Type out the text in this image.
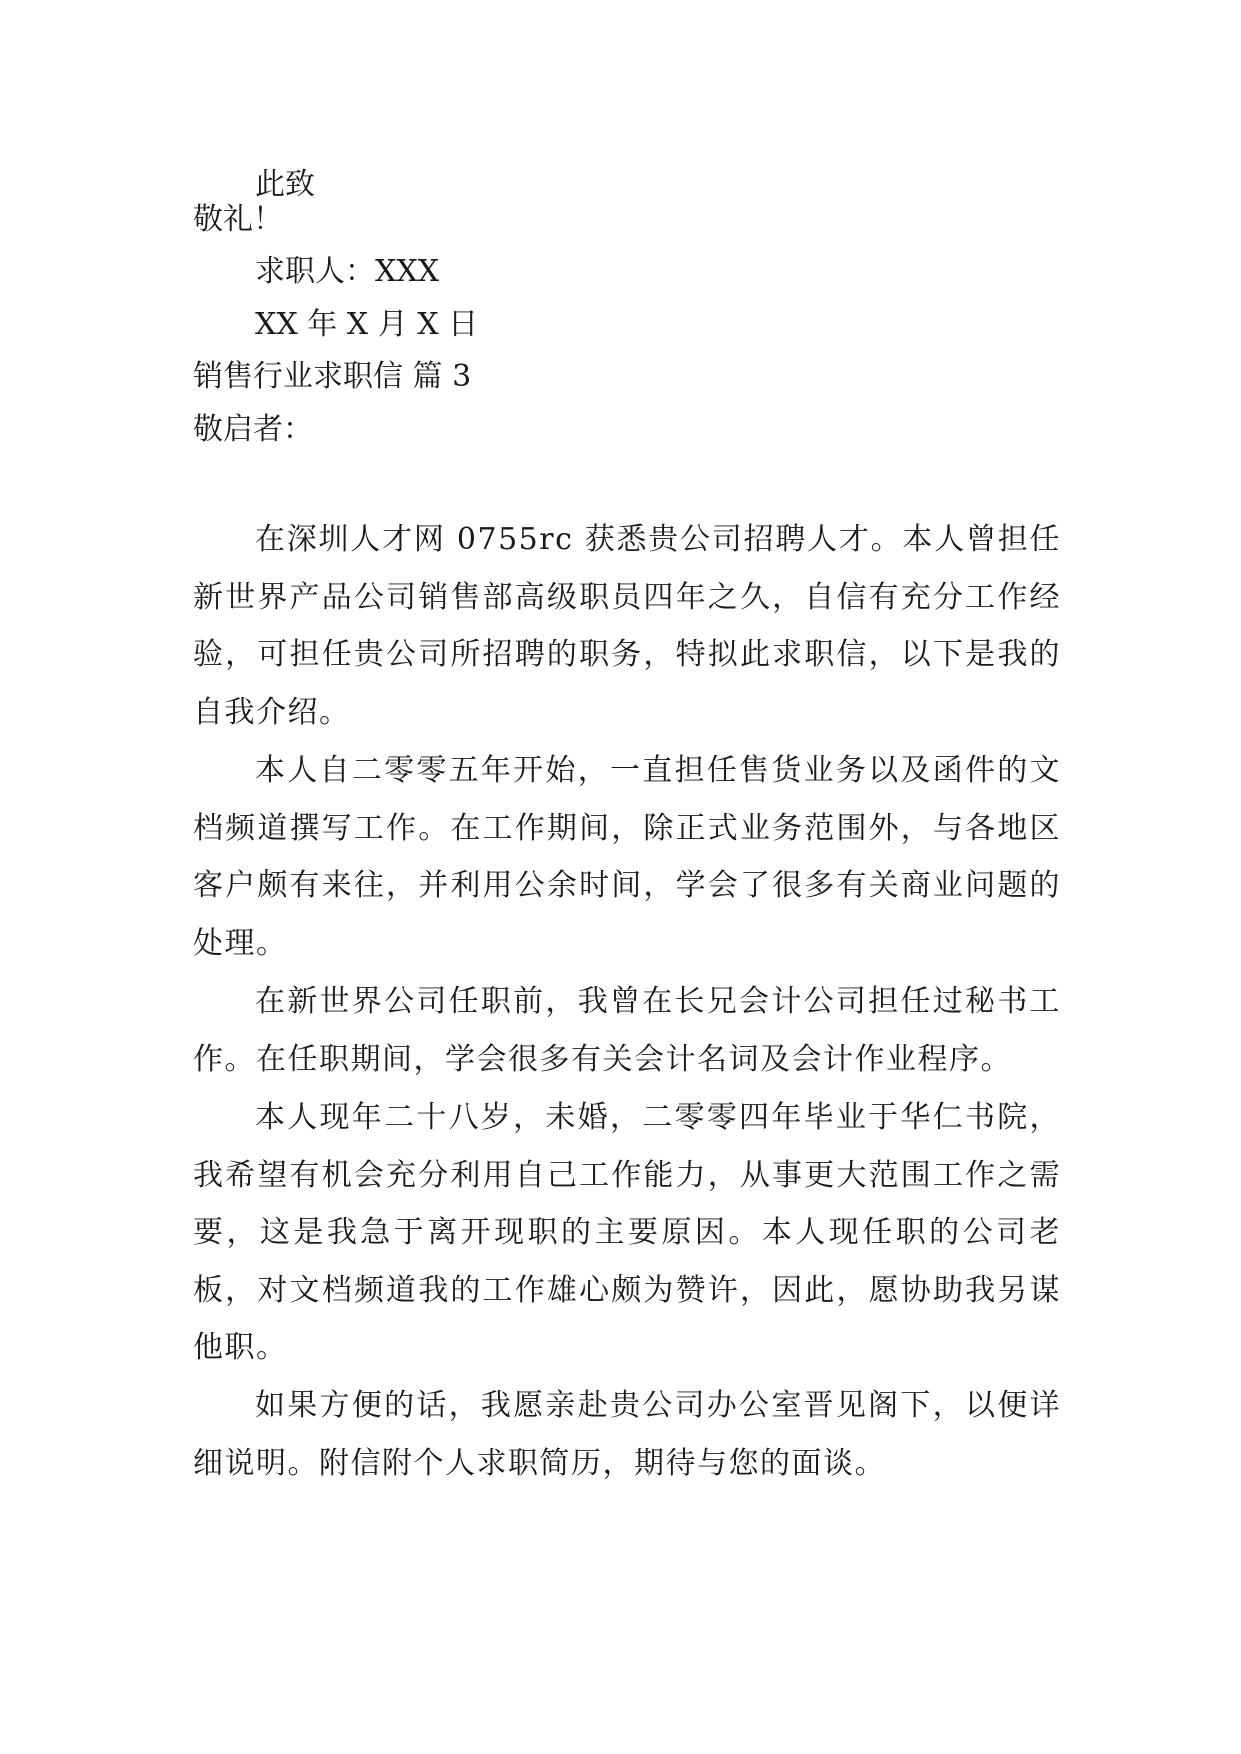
此致

敬礼！

求职人：XXX

XX 年 X 月 X 日

销售行业求职信 篇 3

敬启者：

在深圳人才网 0755rc 获悉贵公司招聘人才。本人曾担任新世界产品公司销售部高级职员四年之久，自信有充分工作经验，可担任贵公司所招聘的职务，特拟此求职信，以下是我的自我介绍。

本人自二零零五年开始，一直担任售货业务以及函件的文档频道撰写工作。在工作期间，除正式业务范围外，与各地区客户颇有来往，并利用公余时间，学会了很多有关商业问题的处理。

在新世界公司任职前，我曾在长兄会计公司担任过秘书工作。在任职期间，学会很多有关会计名词及会计作业程序。

本人现年二十八岁，未婚，二零零四年毕业于华仁书院，我希望有机会充分利用自己工作能力，从事更大范围工作之需要，这是我急于离开现职的主要原因。本人现任职的公司老板，对文档频道我的工作雄心颇为赞许，因此，愿协助我另谋他职。

如果方便的话，我愿亲赴贵公司办公室晋见阁下，以便详细说明。附信附个人求职简历，期待与您的面谈。
